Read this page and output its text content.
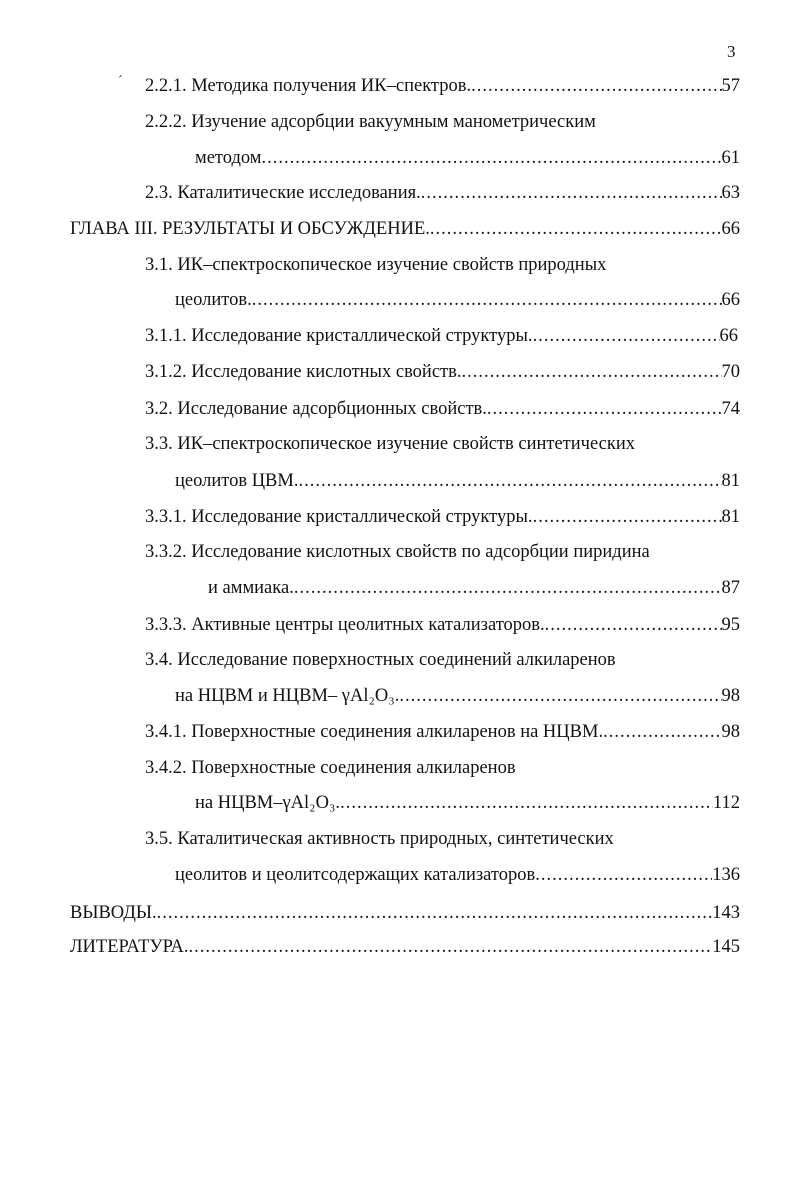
3
´ 2.2.1. Методика получения ИК–спектров. .....	57
2.2.2. Изучение адсорбции вакуумным манометрическим
методом .....	61
2.3. Каталитические исследования. .....	63
ГЛАВА III. РЕЗУЛЬТАТЫ И ОБСУЖДЕНИЕ. .....	66
3.1. ИК–спектроскопическое изучение свойств природных
цеолитов. .....	66
3.1.1. Исследование кристаллической структуры. .....	66
3.1.2. Исследование кислотных свойств. .....	70
3.2. Исследование адсорбционных свойств. .....	74
3.3. ИК–спектроскопическое изучение свойств синтетических
цеолитов ЦВМ. .....	81
3.3.1. Исследование кристаллической структуры. .....	81
3.3.2. Исследование кислотных свойств по адсорбции пиридина
и аммиака. .....	87
3.3.3. Активные центры цеолитных катализаторов. .....	95
3.4. Исследование поверхностных соединений алкиларенов
на НЦВМ и НЦВМ– γAl₂O₃. .....	98
3.4.1. Поверхностные соединения алкиларенов на НЦВМ. .....	98
3.4.2. Поверхностные соединения алкиларенов
на НЦВМ–γAl₂O₃. .....	112
3.5. Каталитическая активность природных, синтетических
цеолитов и цеолитсодержащих катализаторов .....	136
ВЫВОДЫ. .....	143
ЛИТЕРАТУРА. .....	145
